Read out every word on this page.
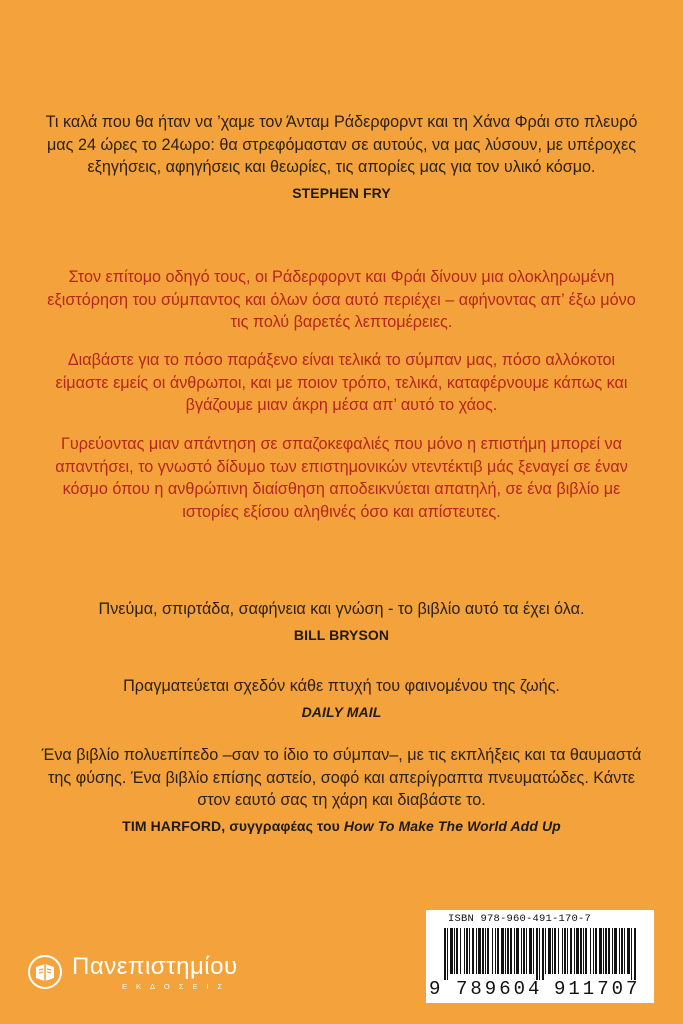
Τι καλά που θα ήταν να ’χαμε τον Άνταμ Ράδερφορντ και τη Χάνα Φράι στο πλευρό μας 24 ώρες το 24ωρο: θα στρεφόμασταν σε αυτούς, να μας λύσουν, με υπέροχες εξηγήσεις, αφηγήσεις και θεωρίες, τις απορίες μας για τον υλικό κόσμο.
STEPHEN FRY
Στον επίτομο οδηγό τους, οι Ράδερφορντ και Φράι δίνουν μια ολοκληρωμένη εξιστόρηση του σύμπαντος και όλων όσα αυτό περιέχει – αφήνοντας απ’ έξω μόνο τις πολύ βαρετές λεπτομέρειες.
Διαβάστε για το πόσο παράξενο είναι τελικά το σύμπαν μας, πόσο αλλόκοτοι είμαστε εμείς οι άνθρωποι, και με ποιον τρόπο, τελικά, καταφέρνουμε κάπως και βγάζουμε μιαν άκρη μέσα απ’ αυτό το χάος.
Γυρεύοντας μιαν απάντηση σε σπαζοκεφαλιές που μόνο η επιστήμη μπορεί να απαντήσει, το γνωστό δίδυμο των επιστημονικών ντεντέκτιβ μάς ξεναγεί σε έναν κόσμο όπου η ανθρώπινη διαίσθηση αποδεικνύεται απατηλή, σε ένα βιβλίο με ιστορίες εξίσου αληθινές όσο και απίστευτες.
Πνεύμα, σπιρτάδα, σαφήνεια και γνώση - το βιβλίο αυτό τα έχει όλα.
BILL BRYSON
Πραγματεύεται σχεδόν κάθε πτυχή του φαινομένου της ζωής.
DAILY MAIL
Ένα βιβλίο πολυεπίπεδο –σαν το ίδιο το σύμπαν–, με τις εκπλήξεις και τα θαυμαστά της φύσης. Ένα βιβλίο επίσης αστείο, σοφό και απερίγραπτα πνευματώδες. Κάντε στον εαυτό σας τη χάρη και διαβάστε το.
TIM HARFORD, συγγραφέας του How To Make The World Add Up
Πανεπιστημίου
ΕΚΔΟΣΕΙΣ
ISBN 978-960-491-170-7
9 789604 911707
